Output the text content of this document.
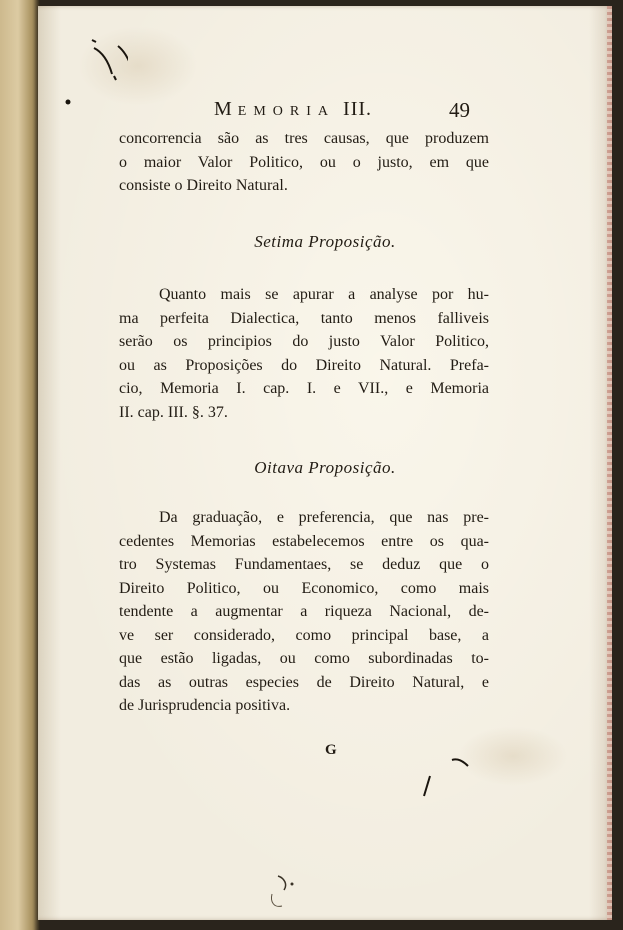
MEMORIA III.	49
concorrencia são as tres causas, que produzem
o maior Valor Politico, ou o justo, em que
consiste o Direito Natural.
Setima Proposição.
Quanto mais se apurar a analyse por hu-
ma perfeita Dialectica, tanto menos falliveis
serão os principios do justo Valor Politico,
ou as Proposições do Direito Natural. Prefa-
cio, Memoria I. cap. I. e VII., e Memoria
II. cap. III. §. 37.
Oitava Proposição.
Da graduação, e preferencia, que nas pre-
cedentes Memorias estabelecemos entre os qua-
tro Systemas Fundamentaes, se deduz que o
Direito Politico, ou Economico, como mais
tendente a augmentar a riqueza Nacional, de-
ve ser considerado, como principal base, a
que estão ligadas, ou como subordinadas to-
das as outras especies de Direito Natural, e
de Jurisprudencia positiva.
G
